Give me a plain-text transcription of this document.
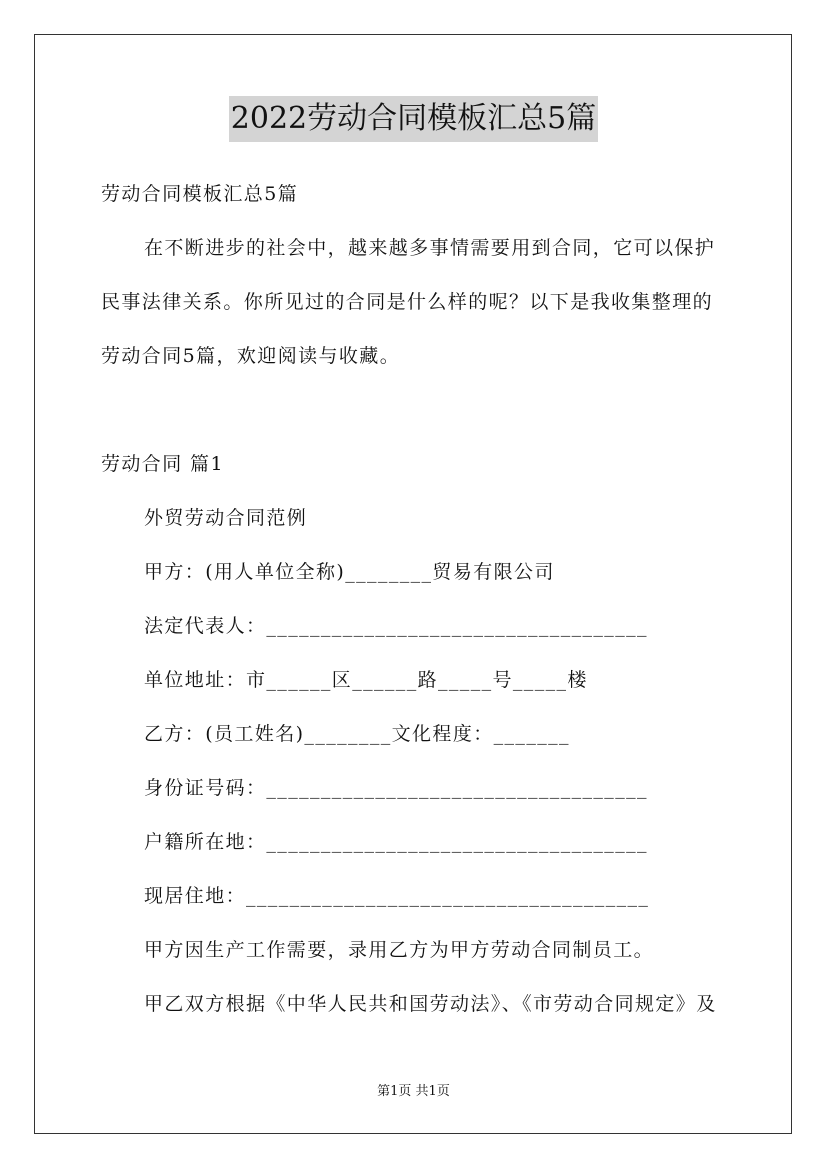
2022劳动合同模板汇总5篇
劳动合同模板汇总5篇
在不断进步的社会中，越来越多事情需要用到合同，它可以保护
民事法律关系。你所见过的合同是什么样的呢？以下是我收集整理的
劳动合同5篇，欢迎阅读与收藏。
劳动合同 篇1
外贸劳动合同范例
甲方：(用人单位全称)________贸易有限公司
法定代表人：___________________________________
单位地址：市______区______路_____号_____楼
乙方：(员工姓名)________文化程度：_______
身份证号码：___________________________________
户籍所在地：___________________________________
现居住地：_____________________________________
甲方因生产工作需要，录用乙方为甲方劳动合同制员工。
甲乙双方根据《中华人民共和国劳动法》、《市劳动合同规定》及
第1页 共1页
